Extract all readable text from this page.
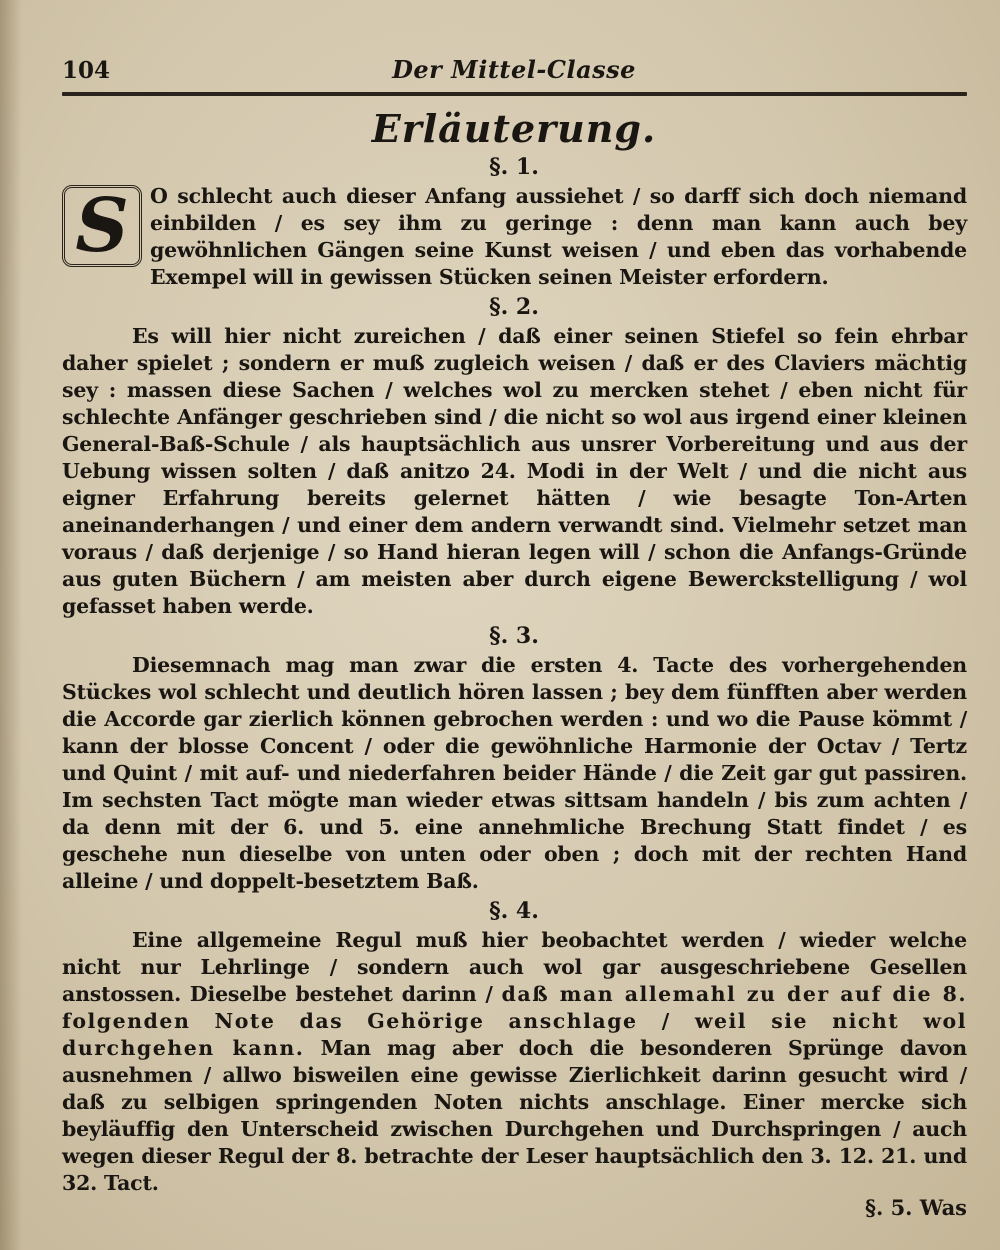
104	Der Mittel-Classe
Erläuterung.
§. 1.
S	O schlecht auch dieser Anfang aussiehet / so darff sich doch niemand einbilden / es sey ihm zu geringe : denn man kann auch bey gewöhnlichen Gängen seine Kunst weisen / und eben das vorhabende Exempel will in gewissen Stücken seinen Meister erfordern.
§. 2.

Es will hier nicht zureichen / daß einer seinen Stiefel so fein ehrbar daher spielet ; sondern er muß zugleich weisen / daß er des Claviers mächtig sey : massen diese Sachen / welches wol zu mercken stehet / eben nicht für schlechte Anfänger geschrieben sind / die nicht so wol aus irgend einer kleinen General-Baß-Schule / als hauptsächlich aus unsrer Vorbereitung und aus der Uebung wissen solten / daß anitzo 24. Modi in der Welt / und die nicht aus eigner Erfahrung bereits gelernet hätten / wie besagte Ton-Arten aneinanderhangen / und einer dem andern verwandt sind. Vielmehr setzet man voraus / daß derjenige / so Hand hieran legen will / schon die Anfangs-Gründe aus guten Büchern / am meisten aber durch eigene Bewerckstelligung / wol gefasset haben werde.

§. 3.

Diesemnach mag man zwar die ersten 4. Tacte des vorhergehenden Stückes wol schlecht und deutlich hören lassen ; bey dem fünfften aber werden die Accorde gar zierlich können gebrochen werden : und wo die Pause kömmt / kann der blosse Concent / oder die gewöhnliche Harmonie der Octav / Tertz und Quint / mit auf- und niederfahren beider Hände / die Zeit gar gut passiren. Im sechsten Tact mögte man wieder etwas sittsam handeln / bis zum achten / da denn mit der 6. und 5. eine annehmliche Brechung Statt findet / es geschehe nun dieselbe von unten oder oben ; doch mit der rechten Hand alleine / und doppelt-besetztem Baß.

§. 4.

Eine allgemeine Regul muß hier beobachtet werden / wieder welche nicht nur Lehrlinge / sondern auch wol gar ausgeschriebene Gesellen anstossen. Dieselbe bestehet darinn / daß man allemahl zu der auf die 8. folgenden Note das Gehörige anschlage / weil sie nicht wol durchgehen kann. Man mag aber doch die besonderen Sprünge davon ausnehmen / allwo bisweilen eine gewisse Zierlichkeit darinn gesucht wird / daß zu selbigen springenden Noten nichts anschlage. Einer mercke sich beyläuffig den Unterscheid zwischen Durchgehen und Durchspringen / auch wegen dieser Regul der 8. betrachte der Leser hauptsächlich den 3. 12. 21. und 32. Tact.

§. 5. Was
